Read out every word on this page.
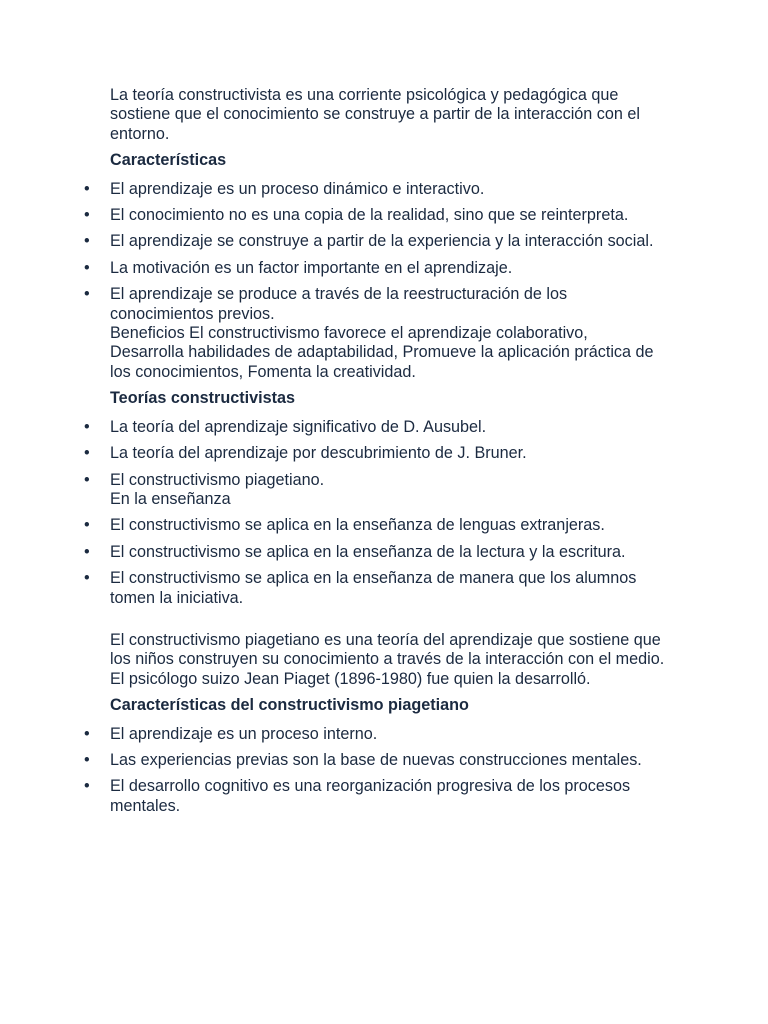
La teoría constructivista es una corriente psicológica y pedagógica que sostiene que el conocimiento se construye a partir de la interacción con el entorno.

Características
• El aprendizaje es un proceso dinámico e interactivo.
• El conocimiento no es una copia de la realidad, sino que se reinterpreta.
• El aprendizaje se construye a partir de la experiencia y la interacción social.
• La motivación es un factor importante en el aprendizaje.
• El aprendizaje se produce a través de la reestructuración de los conocimientos previos.
Beneficios El constructivismo favorece el aprendizaje colaborativo, Desarrolla habilidades de adaptabilidad, Promueve la aplicación práctica de los conocimientos, Fomenta la creatividad.
Teorías constructivistas
• La teoría del aprendizaje significativo de D. Ausubel.
• La teoría del aprendizaje por descubrimiento de J. Bruner.
• El constructivismo piagetiano.
En la enseñanza
• El constructivismo se aplica en la enseñanza de lenguas extranjeras.
• El constructivismo se aplica en la enseñanza de la lectura y la escritura.
• El constructivismo se aplica en la enseñanza de manera que los alumnos tomen la iniciativa.

El constructivismo piagetiano es una teoría del aprendizaje que sostiene que los niños construyen su conocimiento a través de la interacción con el medio. El psicólogo suizo Jean Piaget (1896-1980) fue quien la desarrolló.

Características del constructivismo piagetiano
• El aprendizaje es un proceso interno.
• Las experiencias previas son la base de nuevas construcciones mentales.
• El desarrollo cognitivo es una reorganización progresiva de los procesos mentales.
